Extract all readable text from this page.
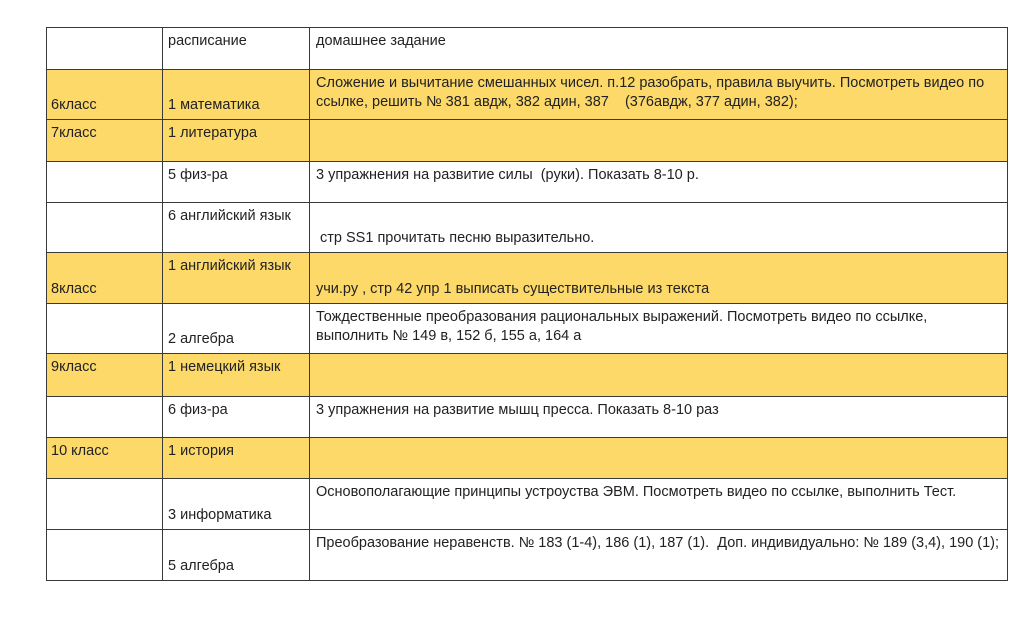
	расписание	домашнее задание
6класс	1 математика	Сложение и вычитание смешанных чисел. п.12 разобрать, правила выучить. Посмотреть видео по ссылке, решить № 381 авдж, 382 адин, 387    (376авдж, 377 адин, 382);
7класс	1 литература	
	5 физ-ра	3 упражнения на развитие силы  (руки). Показать 8-10 р.
	6 английский язык	стр SS1 прочитать песню выразительно.
8класс	1 английский язык	учи.ру , стр 42 упр 1 выписать существительные из текста
	2 алгебра	Тождественные преобразования рациональных выражений. Посмотреть видео по ссылке, выполнить № 149 в, 152 б, 155 а, 164 а
9класс	1 немецкий язык	
	6 физ-ра	3 упражнения на развитие мышц пресса. Показать 8-10 раз
10 класс	1 история	
	3 информатика	Основополагающие принципы устроуства ЭВМ. Посмотреть видео по ссылке, выполнить Тест.
	5 алгебра	Преобразование неравенств. № 183 (1-4), 186 (1), 187 (1).  Доп. индивидуально: № 189 (3,4), 190 (1);
